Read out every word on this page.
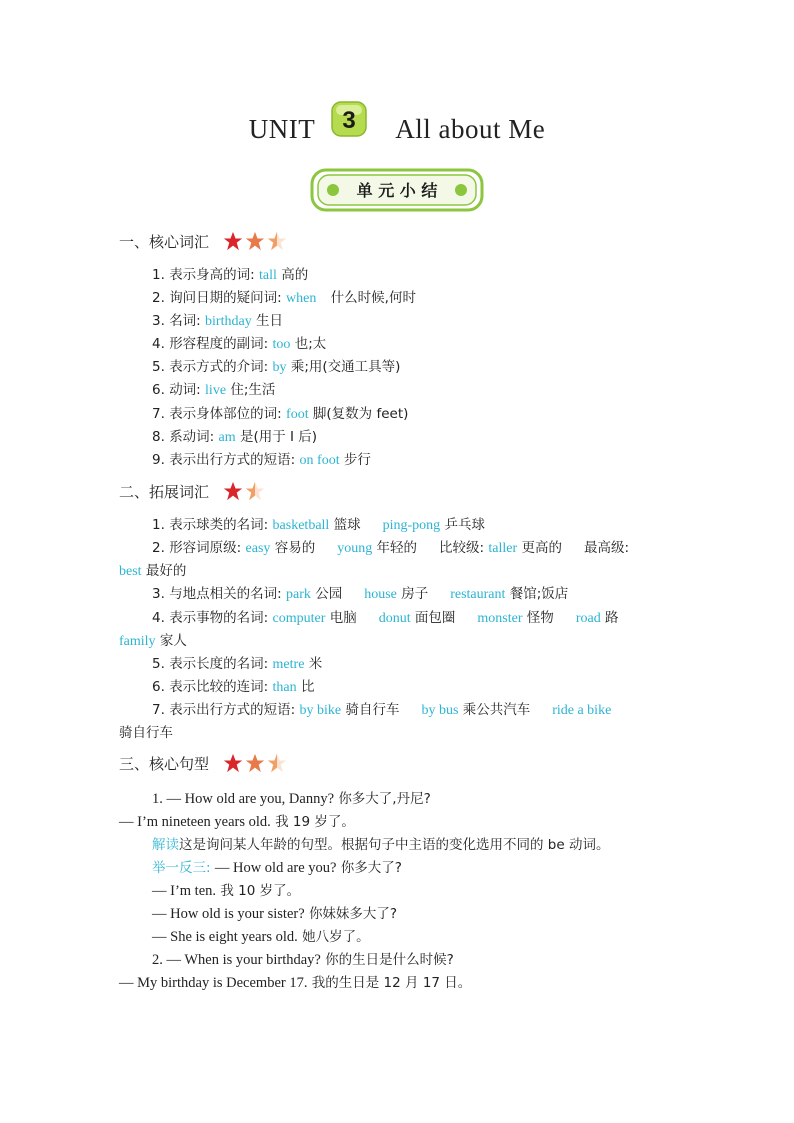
UNIT 3 All about Me
单 元 小 结
一、核心词汇
1. 表示身高的词: tall 高的
2. 询问日期的疑问词: when 什么时候,何时
3. 名词: birthday 生日
4. 形容程度的副词: too 也;太
5. 表示方式的介词: by 乘;用(交通工具等)
6. 动词: live 住;生活
7. 表示身体部位的词: foot 脚(复数为 feet)
8. 系动词: am 是(用于 I 后)
9. 表示出行方式的短语: on foot 步行
二、拓展词汇
1. 表示球类的名词: basketball 篮球 ping-pong 乒乓球
2. 形容词原级: easy 容易的 young 年轻的 比较级: taller 更高的 最高级:
best 最好的
3. 与地点相关的名词: park 公园 house 房子 restaurant 餐馆;饭店
4. 表示事物的名词: computer 电脑 donut 面包圈 monster 怪物 road 路
family 家人
5. 表示长度的名词: metre 米
6. 表示比较的连词: than 比
7. 表示出行方式的短语: by bike 骑自行车 by bus 乘公共汽车 ride a bike
骑自行车
三、核心句型
1. — How old are you, Danny? 你多大了,丹尼?
— I’m nineteen years old. 我 19 岁了。
解读这是询问某人年龄的句型。根据句子中主语的变化选用不同的 be 动词。
举一反三: — How old are you? 你多大了?
— I’m ten. 我 10 岁了。
— How old is your sister? 你妹妹多大了?
— She is eight years old. 她八岁了。
2. — When is your birthday? 你的生日是什么时候?
— My birthday is December 17. 我的生日是 12 月 17 日。
